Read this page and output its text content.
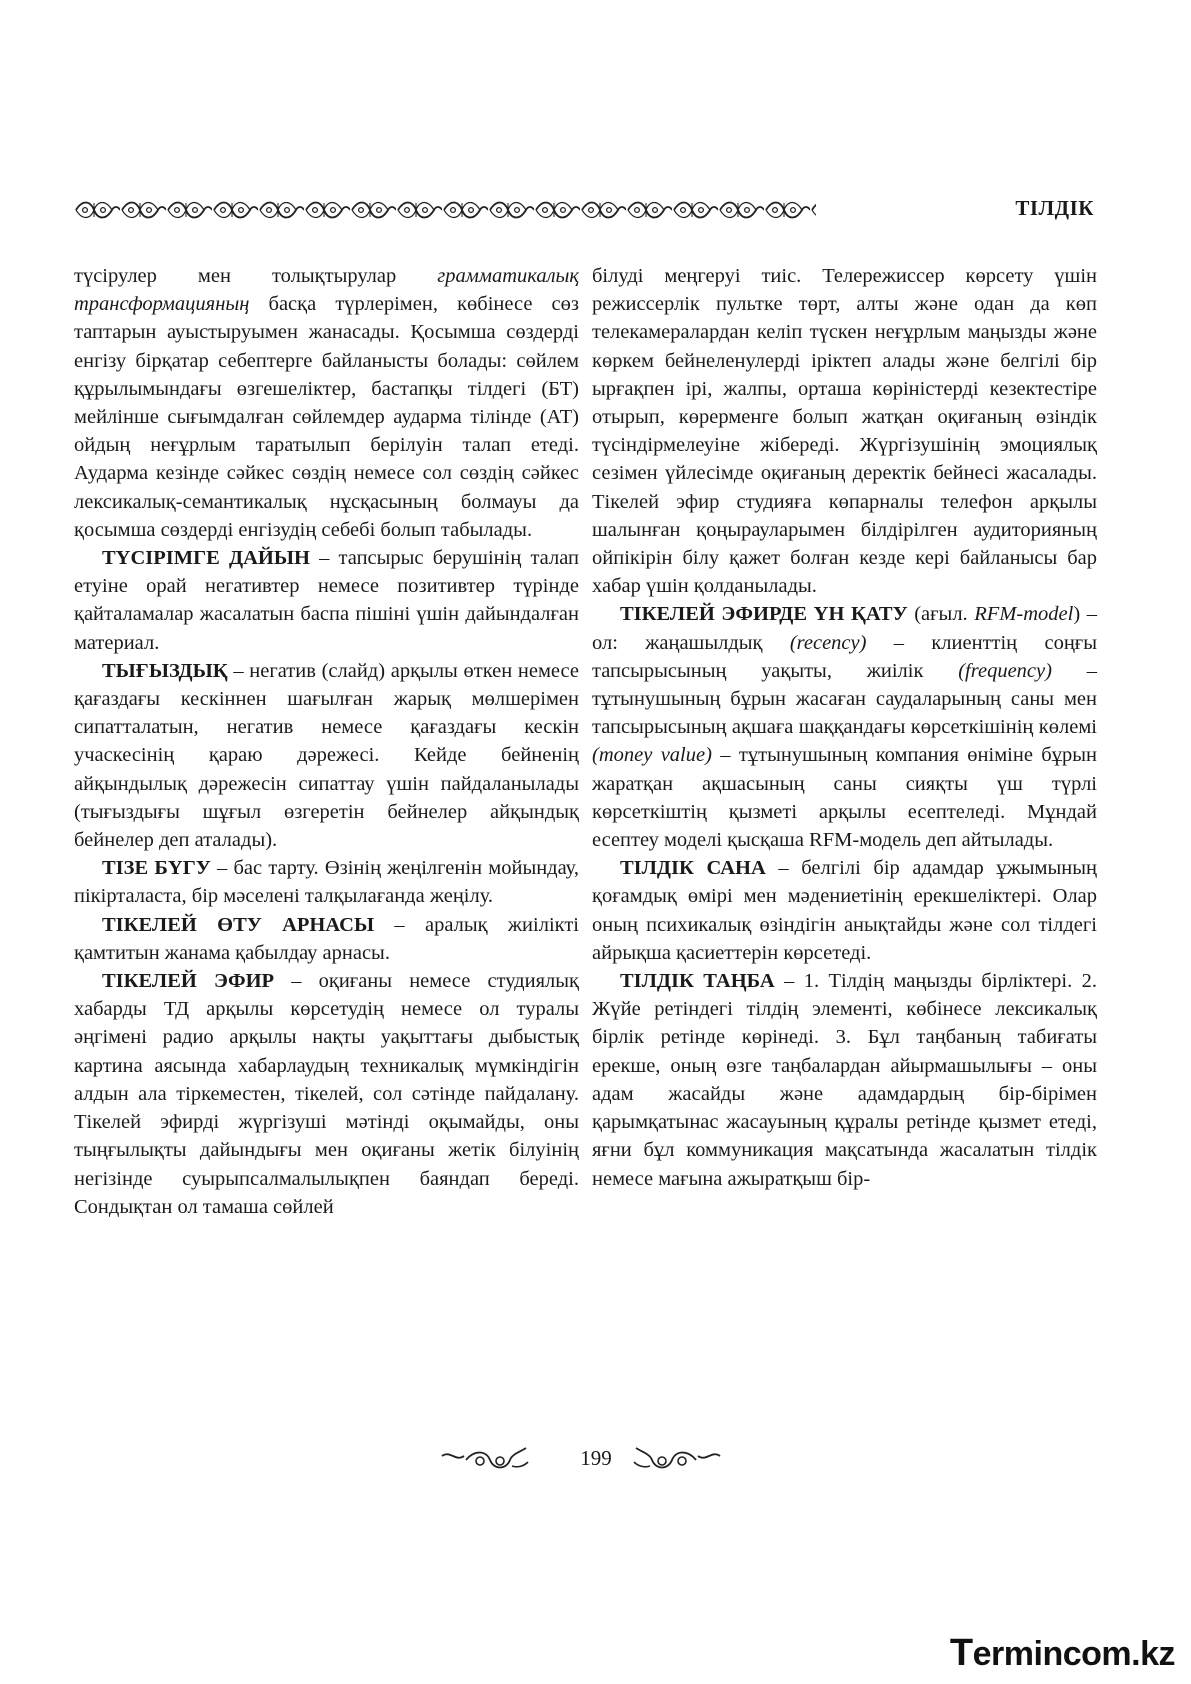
ТІЛДІК

түсірулер мен толықтырулар грамматикалық трансформацияның басқа түрлерімен, көбінесе сөз таптарын ауыстыруымен жанасады. Қосымша сөздерді енгізу бірқатар себептерге байланысты болады: сөйлем құрылымындағы өзгешеліктер, бастапқы тілдегі (БТ) мейлінше сығымдалған сөйлемдер аударма тілінде (АТ) ойдың неғұрлым таратылып берілуін талап етеді. Аударма кезінде сәйкес сөздің немесе сол сөздің сәйкес лексикалық-семантикалық нұсқасының болмауы да қосымша сөздерді енгізудің себебі болып табылады.

ТҮСІРІМГЕ ДАЙЫН – тапсырыс берушінің талап етуіне орай негативтер немесе позитивтер түрінде қайталамалар жасалатын баспа пішіні үшін дайындалған материал.

ТЫҒЫЗДЫҚ – негатив (слайд) арқылы өткен немесе қағаздағы кескіннен шағылған жарық мөлшерімен сипатталатын, негатив немесе қағаздағы кескін учаскесінің қараю дәрежесі. Кейде бейненің айқындылық дәрежесін сипаттау үшін пайдаланылады (тығыздығы шұғыл өзгеретін бейнелер айқындық бейнелер деп аталады).

ТІЗЕ БҮГУ – бас тарту. Өзінің жеңілгенін мойындау, пікірталаста, бір мәселені талқылағанда жеңілу.

ТІКЕЛЕЙ ӨТУ АРНАСЫ – аралық жиілікті қамтитын жанама қабылдау арнасы.

ТІКЕЛЕЙ ЭФИР – оқиғаны немесе студиялық хабарды ТД арқылы көрсетудің немесе ол туралы әңгімені радио арқылы нақты уақыттағы дыбыстық картина аясында хабарлаудың техникалық мүмкіндігін алдын ала тіркеместен, тікелей, сол сәтінде пайдалану. Тікелей эфирді жүргізуші мәтінді оқымайды, оны тыңғылықты дайындығы мен оқиғаны жетік білуінің негізінде суырыпсалмалылықпен баяндап береді. Сондықтан ол тамаша сөйлей

білуді меңгеруі тиіс. Телережиссер көрсету үшін режиссерлік пультке төрт, алты және одан да көп телекамералардан келіп түскен неғұрлым маңызды және көркем бейнеленулерді іріктеп алады және белгілі бір ырғақпен ірі, жалпы, орташа көріністерді кезектестіре отырып, көрерменге болып жатқан оқиғаның өзіндік түсіндірмелеуіне жібереді. Жүргізушінің эмоциялық сезімен үйлесімде оқиғаның деректік бейнесі жасалады. Тікелей эфир студияға көпарналы телефон арқылы шалынған қоңырауларымен білдірілген аудиторияның ойпікірін білу қажет болған кезде кері байланысы бар хабар үшін қолданылады.

ТІКЕЛЕЙ ЭФИРДЕ ҮН ҚАТУ (ағыл. RFM-model) – ол: жаңашылдық (recency) – клиенттің соңғы тапсырысының уақыты, жиілік (frequency) – тұтынушының бұрын жасаған саудаларының саны мен тапсырысының ақшаға шаққандағы көрсеткішінің көлемі (money value) – тұтынушының компания өніміне бұрын жаратқан ақшасының саны сияқты үш түрлі көрсеткіштің қызметі арқылы есептеледі. Мұндай есептеу моделі қысқаша RFM-модель деп айтылады.

ТІЛДІК САНА – белгілі бір адамдар ұжымының қоғамдық өмірі мен мәдениетінің ерекшеліктері. Олар оның психикалық өзіндігін анықтайды және сол тілдегі айрықша қасиеттерін көрсетеді.

ТІЛДІК ТАҢБА – 1. Тілдің маңызды бірліктері. 2. Жүйе ретіндегі тілдің элементі, көбінесе лексикалық бірлік ретінде көрінеді. 3. Бұл таңбаның табиғаты ерекше, оның өзге таңбалардан айырмашылығы – оны адам жасайды және адамдардың бір-бірімен қарымқатынас жасауының құралы ретінде қызмет етеді, яғни бұл коммуникация мақсатында жасалатын тілдік немесе мағына ажыратқыш бір-

199
Termincom.kz
